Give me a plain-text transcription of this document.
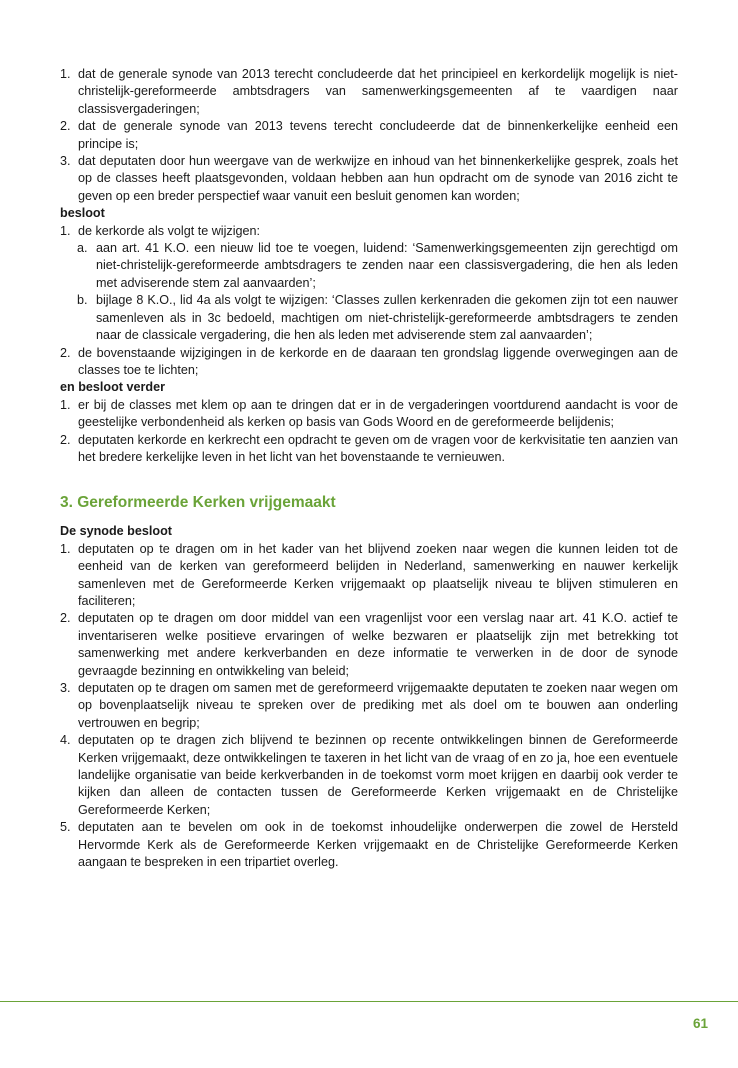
1. dat de generale synode van 2013 terecht concludeerde dat het principieel en kerkordelijk mogelijk is niet-christelijk-gereformeerde ambtsdragers van samenwerkingsgemeenten af te vaardigen naar classisvergaderingen;
2. dat de generale synode van 2013 tevens terecht concludeerde dat de binnenkerkelijke eenheid een principe is;
3. dat deputaten door hun weergave van de werkwijze en inhoud van het binnenkerkelijke gesprek, zoals het op de classes heeft plaatsgevonden, voldaan hebben aan hun opdracht om de synode van 2016 zicht te geven op een breder perspectief waar vanuit een besluit genomen kan worden;
besloot
1. de kerkorde als volgt te wijzigen:
a. aan art. 41 K.O. een nieuw lid toe te voegen, luidend: ‘Samenwerkingsgemeenten zijn gerechtigd om niet-christelijk-gereformeerde ambtsdragers te zenden naar een classisvergadering, die hen als leden met adviserende stem zal aanvaarden’;
b. bijlage 8 K.O., lid 4a als volgt te wijzigen: ‘Classes zullen kerkenraden die gekomen zijn tot een nauwer samenleven als in 3c bedoeld, machtigen om niet-christelijk-gereformeerde ambtsdragers te zenden naar de classicale vergadering, die hen als leden met adviserende stem zal aanvaarden’;
2. de bovenstaande wijzigingen in de kerkorde en de daaraan ten grondslag liggende overwegingen aan de classes toe te lichten;
en besloot verder
1. er bij de classes met klem op aan te dringen dat er in de vergaderingen voortdurend aandacht is voor de geestelijke verbondenheid als kerken op basis van Gods Woord en de gereformeerde belijdenis;
2. deputaten kerkorde en kerkrecht een opdracht te geven om de vragen voor de kerkvisitatie ten aanzien van het bredere kerkelijke leven in het licht van het bovenstaande te vernieuwen.
3. Gereformeerde Kerken vrijgemaakt
De synode besloot
1. deputaten op te dragen om in het kader van het blijvend zoeken naar wegen die kunnen leiden tot de eenheid van de kerken van gereformeerd belijden in Nederland, samenwerking en nauwer kerkelijk samenleven met de Gereformeerde Kerken vrijgemaakt op plaatselijk niveau te blijven stimuleren en faciliteren;
2. deputaten op te dragen om door middel van een vragenlijst voor een verslag naar art. 41 K.O. actief te inventariseren welke positieve ervaringen of welke bezwaren er plaatselijk zijn met betrekking tot samenwerking met andere kerkverbanden en deze informatie te verwerken in de door de synode gevraagde bezinning en ontwikkeling van beleid;
3. deputaten op te dragen om samen met de gereformeerd vrijgemaakte deputaten te zoeken naar wegen om op bovenplaatselijk niveau te spreken over de prediking met als doel om te bouwen aan onderling vertrouwen en begrip;
4. deputaten op te dragen zich blijvend te bezinnen op recente ontwikkelingen binnen de Gereformeerde Kerken vrijgemaakt, deze ontwikkelingen te taxeren in het licht van de vraag of en zo ja, hoe een eventuele landelijke organisatie van beide kerkverbanden in de toekomst vorm moet krijgen en daarbij ook verder te kijken dan alleen de contacten tussen de Gereformeerde Kerken vrijgemaakt en de Christelijke Gereformeerde Kerken;
5. deputaten aan te bevelen om ook in de toekomst inhoudelijke onderwerpen die zowel de Hersteld Hervormde Kerk als de Gereformeerde Kerken vrijgemaakt en de Christelijke Gereformeerde Kerken aangaan te bespreken in een tripartiet overleg.
61
